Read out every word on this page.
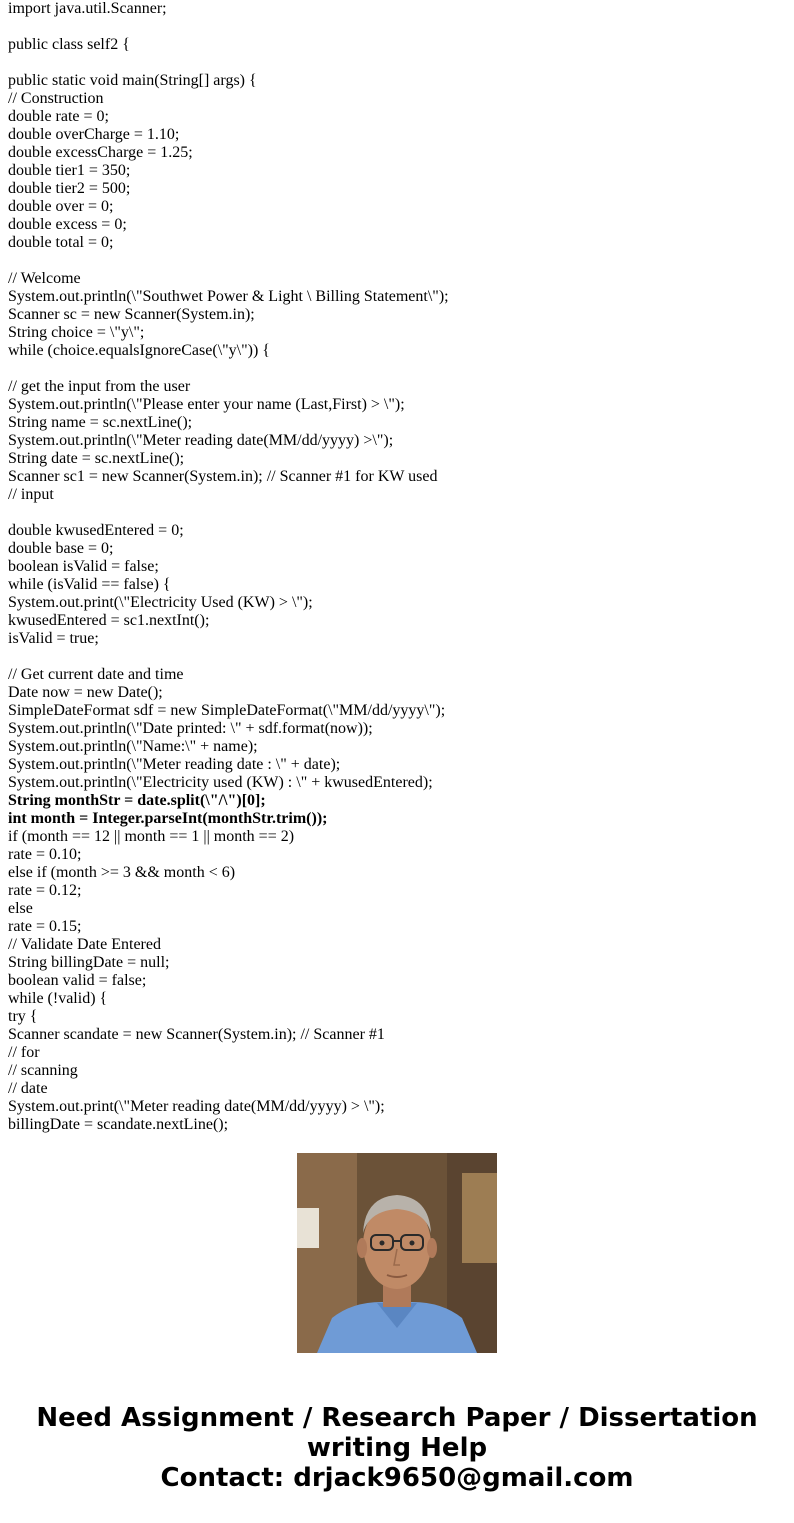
import java.util.Scanner;
public class self2 {
public static void main(String[] args) {
// Construction
double rate = 0;
double overCharge = 1.10;
double excessCharge = 1.25;
double tier1 = 350;
double tier2 = 500;
double over = 0;
double excess = 0;
double total = 0;
// Welcome
System.out.println(\"Southwet Power & Light \ Billing Statement\");
Scanner sc = new Scanner(System.in);
String choice = \"y\";
while (choice.equalsIgnoreCase(\"y\")) {
// get the input from the user
System.out.println(\"Please enter your name (Last,First) > \");
String name = sc.nextLine();
System.out.println(\"Meter reading date(MM/dd/yyyy) >\");
String date = sc.nextLine();
Scanner sc1 = new Scanner(System.in); // Scanner #1 for KW used
// input
double kwusedEntered = 0;
double base = 0;
boolean isValid = false;
while (isValid == false) {
System.out.print(\"Electricity Used (KW) > \");
kwusedEntered = sc1.nextInt();
isValid = true;
// Get current date and time
Date now = new Date();
SimpleDateFormat sdf = new SimpleDateFormat(\"MM/dd/yyyy\");
System.out.println(\"Date printed: \" + sdf.format(now));
System.out.println(\"Name:\" + name);
System.out.println(\"Meter reading date : \" + date);
System.out.println(\"Electricity used (KW) : \" + kwusedEntered);
String monthStr = date.split(\"/\")[0];
int month = Integer.parseInt(monthStr.trim());
if (month == 12 || month == 1 || month == 2)
rate = 0.10;
else if (month >= 3 && month < 6)
rate = 0.12;
else
rate = 0.15;
// Validate Date Entered
String billingDate = null;
boolean valid = false;
while (!valid) {
try {
Scanner scandate = new Scanner(System.in); // Scanner #1
// for
// scanning
// date
System.out.print(\"Meter reading date(MM/dd/yyyy) > \");
billingDate = scandate.nextLine();
Need Assignment / Research Paper / Dissertation
writing Help
Contact: drjack9650@gmail.com
